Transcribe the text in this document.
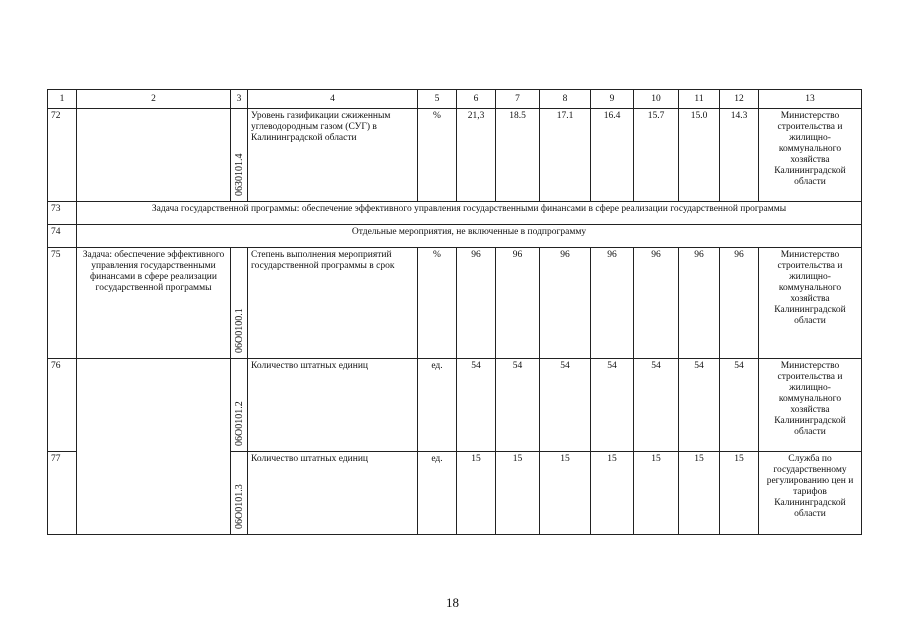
1	2	3	4	5	6	7	8	9	10	11	12	13
72		06З0101.4	Уровень газификации сжиженным углеводородным газом (СУГ) в Калининградской области	%	21,3	18.5	17.1	16.4	15.7	15.0	14.3	Министерство строительства и жилищно-коммунального хозяйства Калининградской области
73	Задача государственной программы: обеспечение эффективного управления государственными финансами в сфере реализации государственной программы											
74	Отдельные мероприятия, не включенные в подпрограмму											
75	Задача: обеспечение эффективного управления государственными финансами в сфере реализации государственной программы	06О0100.1	Степень выполнения мероприятий государственной программы в срок	%	96	96	96	96	96	96	96	Министерство строительства и жилищно-коммунального хозяйства Калининградской области
76		06О0101.2	Количество штатных единиц	ед.	54	54	54	54	54	54	54	Министерство строительства и жилищно-коммунального хозяйства Калининградской области
77		06О0101.3	Количество штатных единиц	ед.	15	15	15	15	15	15	15	Служба по государственному регулированию цен и тарифов Калининградской области
18
